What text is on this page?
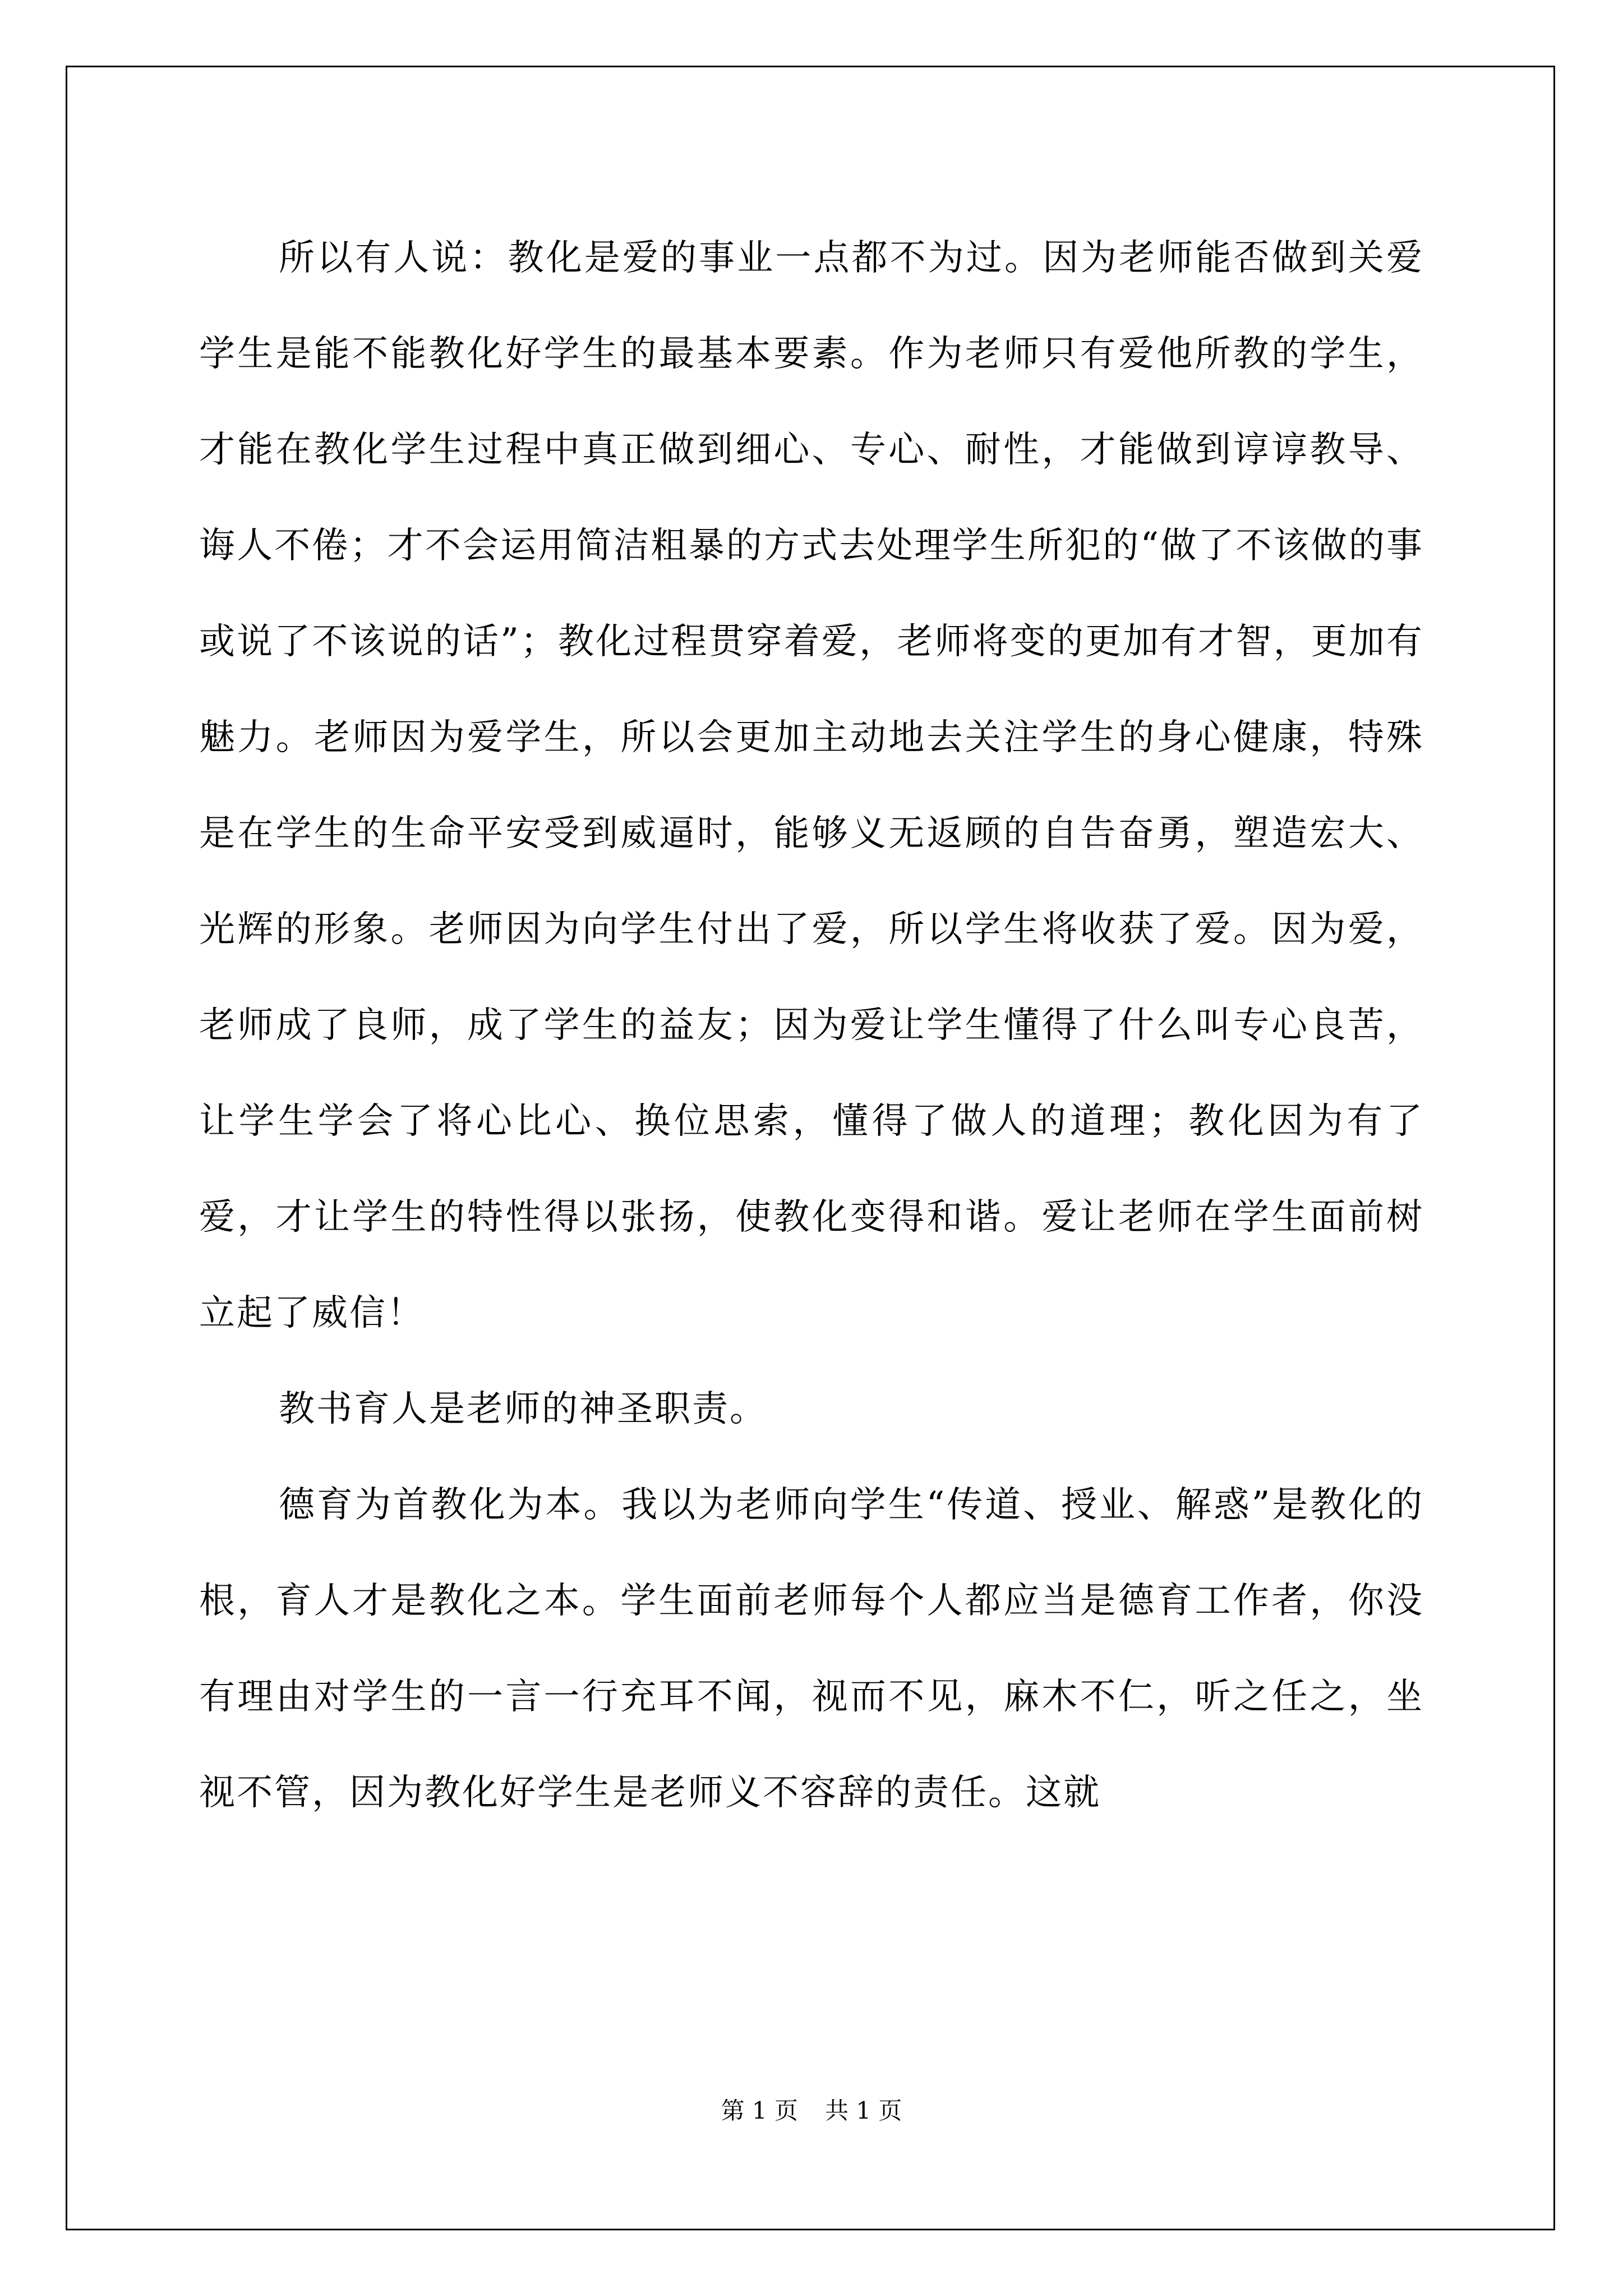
所以有人说：教化是爱的事业一点都不为过。因为老师能否做到关爱学生是能不能教化好学生的最基本要素。作为老师只有爱他所教的学生，才能在教化学生过程中真正做到细心、专心、耐性，才能做到谆谆教导、诲人不倦；才不会运用简洁粗暴的方式去处理学生所犯的“做了不该做的事或说了不该说的话”；教化过程贯穿着爱，老师将变的更加有才智，更加有魅力。老师因为爱学生，所以会更加主动地去关注学生的身心健康，特殊是在学生的生命平安受到威逼时，能够义无返顾的自告奋勇，塑造宏大、光辉的形象。老师因为向学生付出了爱，所以学生将收获了爱。因为爱，老师成了良师，成了学生的益友；因为爱让学生懂得了什么叫专心良苦，让学生学会了将心比心、换位思索，懂得了做人的道理；教化因为有了爱，才让学生的特性得以张扬，使教化变得和谐。爱让老师在学生面前树立起了威信！

教书育人是老师的神圣职责。

德育为首教化为本。我以为老师向学生“传道、授业、解惑”是教化的根，育人才是教化之本。学生面前老师每个人都应当是德育工作者，你没有理由对学生的一言一行充耳不闻，视而不见，麻木不仁，听之任之，坐视不管，因为教化好学生是老师义不容辞的责任。这就

第 1 页 共 1 页
